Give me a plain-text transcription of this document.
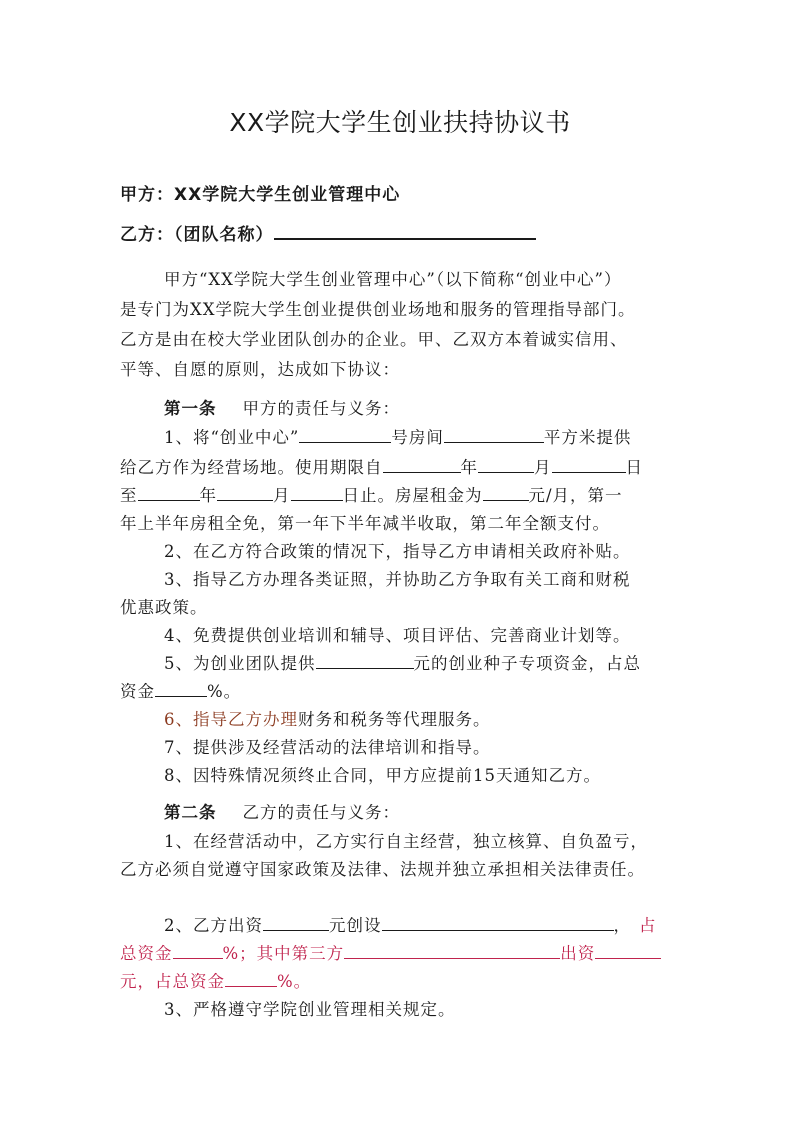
XX学院大学生创业扶持协议书
甲方：XX学院大学生创业管理中心
乙方：（团队名称）
甲方“XX学院大学生创业管理中心”（以下简称“创业中心”）
是专门为XX学院大学生创业提供创业场地和服务的管理指导部门。
乙方是由在校大学业团队创办的企业。甲、乙双方本着诚实信用、
平等、自愿的原则，达成如下协议：
第一条 甲方的责任与义务：
1、将“创业中心”	号房间	平方米提供
给乙方作为经营场地。使用期限自	年	月	日
至	年	月	日止。房屋租金为	元/月，第一
年上半年房租全免，第一年下半年减半收取，第二年全额支付。
2、在乙方符合政策的情况下，指导乙方申请相关政府补贴。
3、指导乙方办理各类证照，并协助乙方争取有关工商和财税
优惠政策。
4、免费提供创业培训和辅导、项目评估、完善商业计划等。
5、为创业团队提供	元的创业种子专项资金，占总
资金	%。
6、指导乙方办理财务和税务等代理服务。
7、提供涉及经营活动的法律培训和指导。
8、因特殊情况须终止合同，甲方应提前15天通知乙方。
第二条 乙方的责任与义务：
1、在经营活动中，乙方实行自主经营，独立核算、自负盈亏，
乙方必须自觉遵守国家政策及法律、法规并独立承担相关法律责任。
2、乙方出资	元创设	， 占
总资金	%；其中第三方	出资
元，占总资金	%。
3、严格遵守学院创业管理相关规定。
